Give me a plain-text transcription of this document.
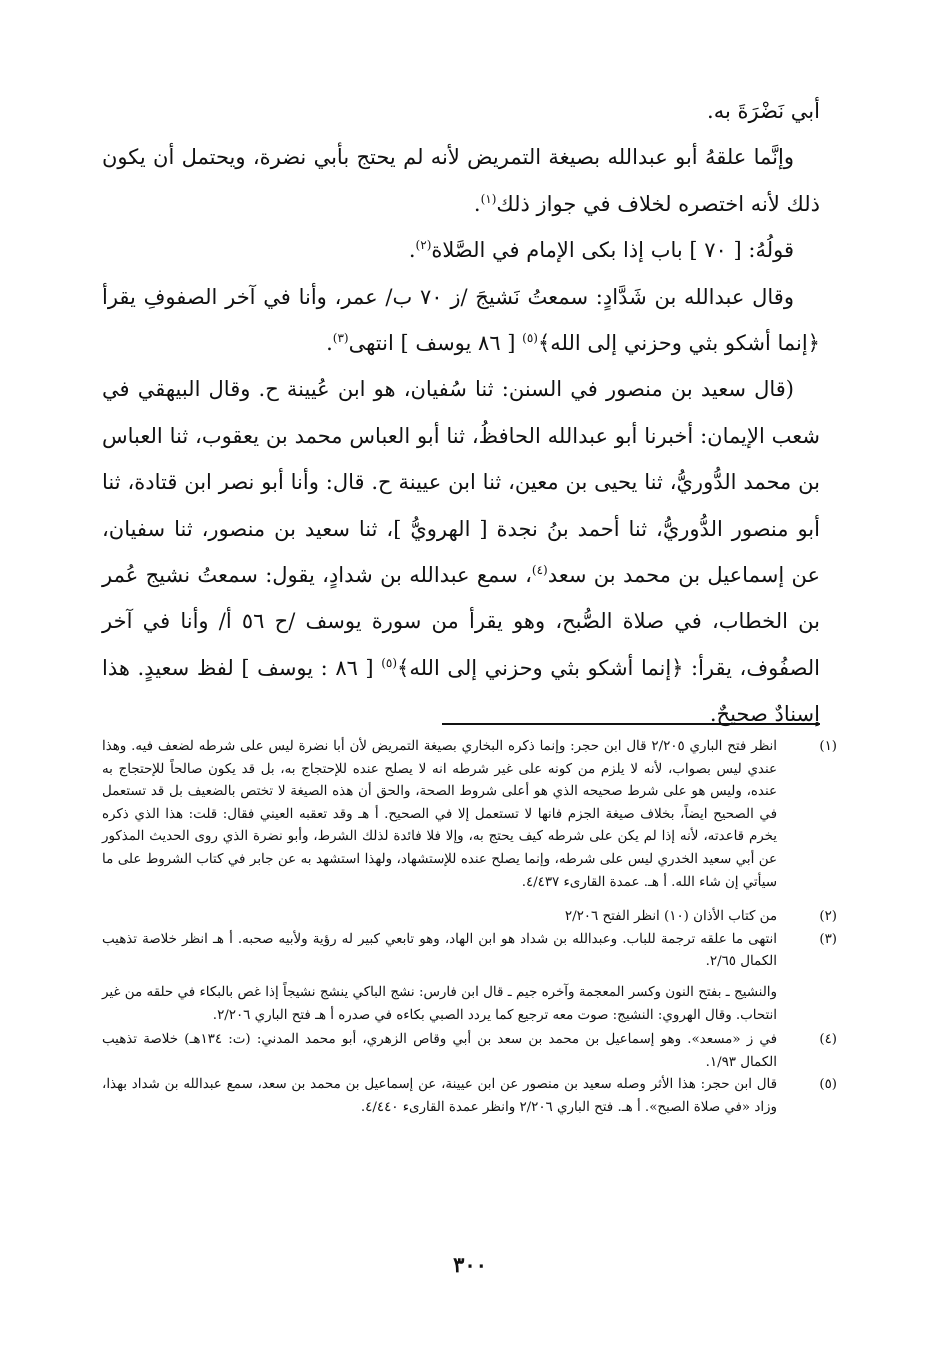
أبي نَضْرَةَ به.

وإنَّما علقهُ أبو عبدالله بصيغة التمريض لأنه لم يحتج بأبي نضرة، ويحتمل أن يكون ذلك لأنه اختصره لخلاف في جواز ذلك$^{(١)}$.

قولُهُ: [ ٧٠ ] باب إذا بكى الإمام في الصَّلاة$^{(٢)}$.

وقال عبدالله بن شَدَّادٍ: سمعتُ نَشيجَ /ز ٧٠ ب/ عمر، وأنا في آخر الصفوفِ يقرأ ﴿إنما أشكو بثي وحزني إلى الله﴾$^{(٥)}$ [ ٨٦ يوسف ] انتهى$^{(٣)}$.

(قال سعيد بن منصور في السنن: ثنا سُفيان، هو ابن عُيينة ح. وقال البيهقي في شعب الإيمان: أخبرنا أبو عبدالله الحافظُ، ثنا أبو العباس محمد بن يعقوب، ثنا العباس بن محمد الدُّوريُّ، ثنا يحيى بن معين، ثنا ابن عيينة ح. قال: وأنا أبو نصر ابن قتادة، ثنا أبو منصور الدُّوريُّ، ثنا أحمد بنُ نجدة [ الهرويُّ ]، ثنا سعيد بن منصور، ثنا سفيان، عن إسماعيل بن محمد بن سعد$^{(٤)}$، سمع عبدالله بن شدادٍ، يقول: سمعتُ نشيج عُمر بن الخطاب، في صلاة الصُّبح، وهو يقرأ من سورة يوسف /ح ٥٦ أ/ وأنا في آخر الصفُوف، يقرأ: ﴿إنما أشكو بثي وحزني إلى الله﴾$^{(٥)}$ [ ٨٦ : يوسف ] لفظ سعيدٍ. هذا إسنادٌ صحيحٌ.

(١)
انظر فتح الباري ٢/٢٠٥ قال ابن حجر: وإنما ذكره البخاري بصيغة التمريض لأن أبا نضرة ليس على شرطه لضعف فيه. وهذا عندي ليس بصواب، لأنه لا يلزم من كونه على غير شرطه انه لا يصلح عنده للإحتجاج به، بل قد يكون صالحاً للإحتجاج به عنده، وليس هو على شرط صحيحه الذي هو أعلى شروط الصحة، والحق أن هذه الصيغة لا تختص بالضعيف بل قد تستعمل في الصحيح ايضاً، بخلاف صيغة الجزم فانها لا تستعمل إلا في الصحيح. أ هـ وقد تعقبه العيني فقال: قلت: هذا الذي ذكره يخرم قاعدته، لأنه إذا لم يكن على شرطه كيف يحتج به، وإلا فلا فائدة لذلك الشرط، وأبو نضرة الذي روى الحديث المذكور عن أبي سعيد الخدري ليس على شرطه، وإنما يصلح عنده للإستشهاد، ولهذا استشهد به عن جابر في كتاب الشروط على ما سيأتي إن شاء الله. أ هـ. عمدة القارىء ٤/٤٣٧.
(٢)
من كتاب الأذان (١٠) انظر الفتح ٢/٢٠٦
(٣)
انتهى ما علقه ترجمة للباب. وعبدالله بن شداد هو ابن الهاد، وهو تابعي كبير له رؤية ولأبيه صحبه. أ هـ انظر خلاصة تذهيب الكمال ٢/٦٥.
والنشيج ـ بفتح النون وكسر المعجمة وآخره جيم ـ قال ابن فارس: نشج الباكي ينشج نشيجاً إذا غص بالبكاء في حلقه من غير انتحاب. وقال الهروي: النشيج: صوت معه ترجيع كما يردد الصبي بكاءه في صدره أ هـ فتح الباري ٢/٢٠٦.
(٤)
في ز «مسعد». وهو إسماعيل بن محمد بن سعد بن أبي وقاص الزهري، أبو محمد المدني: (ت: ١٣٤هـ) خلاصة تذهيب الكمال ١/٩٣.
(٥)
قال ابن حجر: هذا الأثر وصله سعيد بن منصور عن ابن عيينة، عن إسماعيل بن محمد بن سعد، سمع عبدالله بن شداد بهذا، وزاد «في صلاة الصبح». أ هـ. فتح الباري ٢/٢٠٦ وانظر عمدة القارىء ٤/٤٤٠.
٣٠٠
